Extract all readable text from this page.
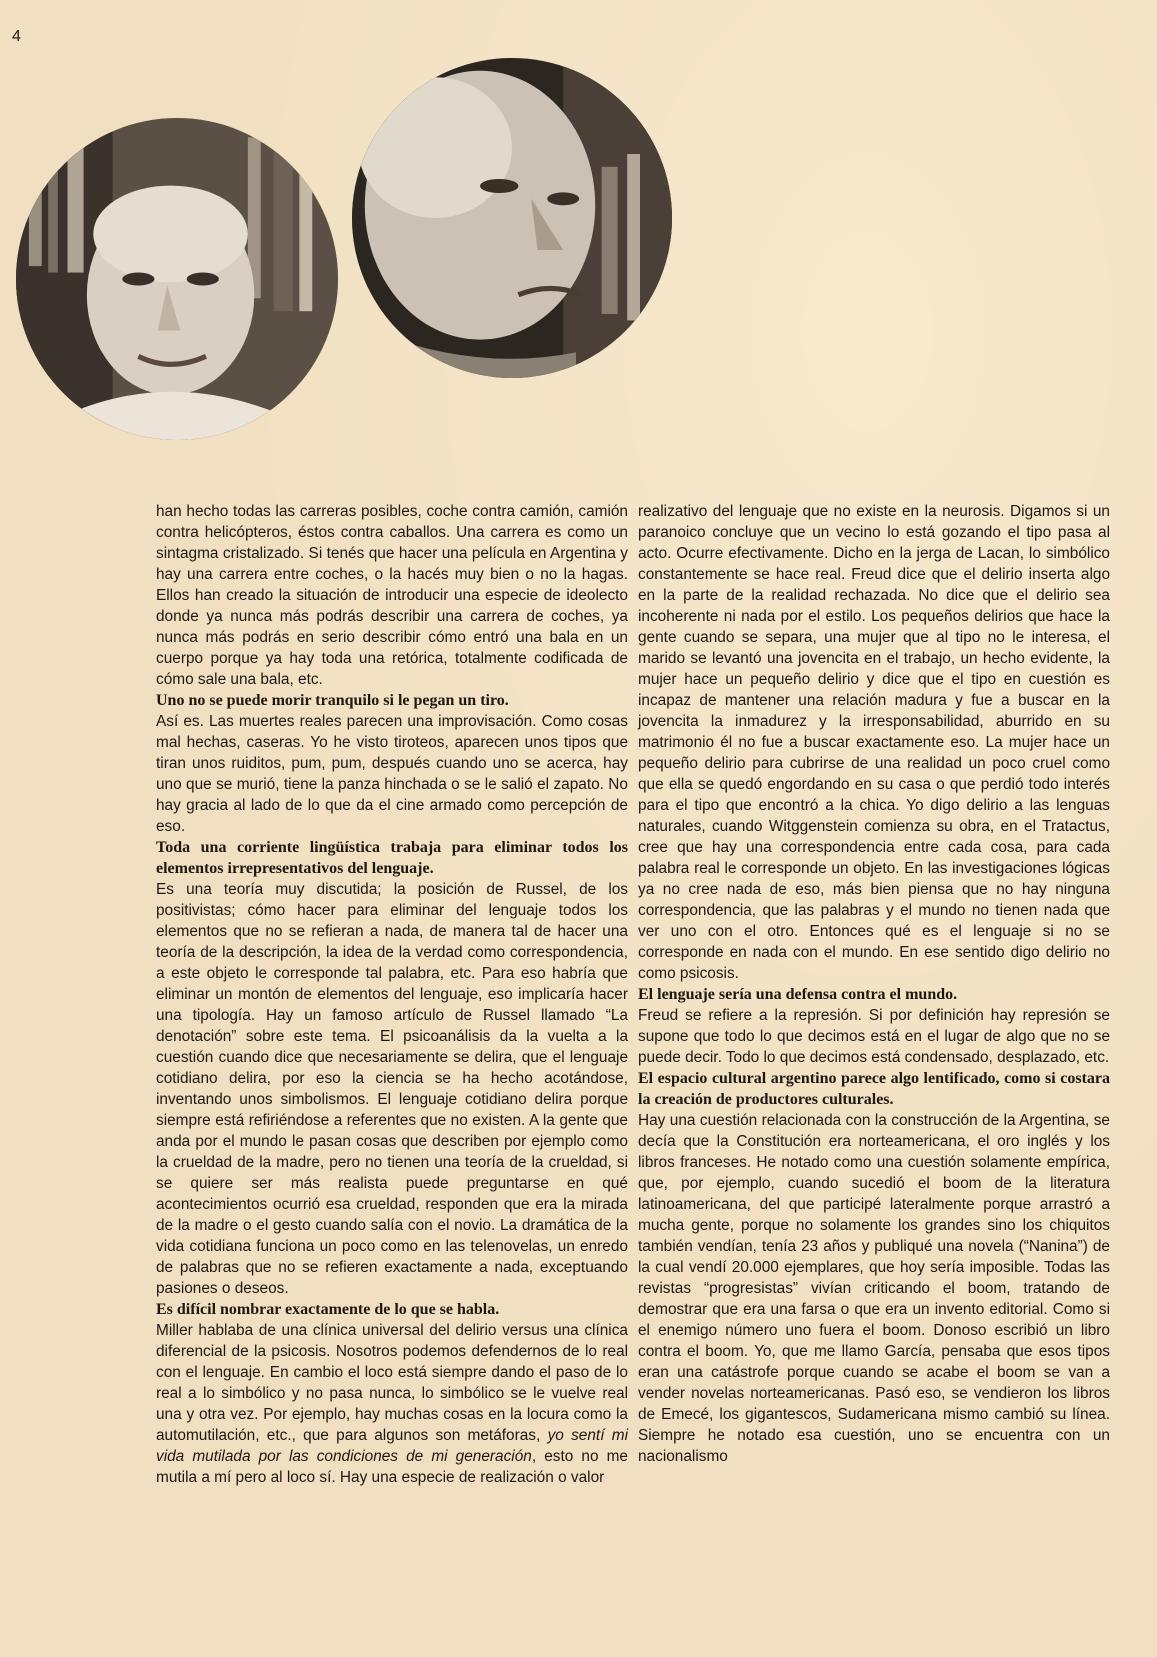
4

han hecho todas las carreras posibles, coche contra camión, camión contra helicópteros, éstos contra caballos. Una carrera es como un sintagma cristalizado. Si tenés que hacer una película en Argentina y hay una carrera entre coches, o la hacés muy bien o no la hagas. Ellos han creado la situación de introducir una especie de ideolecto donde ya nunca más podrás describir una carrera de coches, ya nunca más podrás en serio describir cómo entró una bala en un cuerpo porque ya hay toda una retórica, totalmente codificada de cómo sale una bala, etc.

Uno no se puede morir tranquilo si le pegan un tiro.

Así es. Las muertes reales parecen una improvisación. Como cosas mal hechas, caseras. Yo he visto tiroteos, aparecen unos tipos que tiran unos ruiditos, pum, pum, después cuando uno se acerca, hay uno que se murió, tiene la panza hinchada o se le salió el zapato. No hay gracia al lado de lo que da el cine armado como percepción de eso.

Toda una corriente lingüística trabaja para eliminar todos los elementos irrepresentativos del lenguaje.

Es una teoría muy discutida; la posición de Russel, de los positivistas; cómo hacer para eliminar del lenguaje todos los elementos que no se refieran a nada, de manera tal de hacer una teoría de la descripción, la idea de la verdad como correspondencia, a este objeto le corresponde tal palabra, etc. Para eso habría que eliminar un montón de elementos del lenguaje, eso implicaría hacer una tipología. Hay un famoso artículo de Russel llamado “La denotación” sobre este tema. El psicoanálisis da la vuelta a la cuestión cuando dice que necesariamente se delira, que el lenguaje cotidiano delira, por eso la ciencia se ha hecho acotándose, inventando unos simbolismos. El lenguaje cotidiano delira porque siempre está refiriéndose a referentes que no existen. A la gente que anda por el mundo le pasan cosas que describen por ejemplo como la crueldad de la madre, pero no tienen una teoría de la crueldad, si se quiere ser más realista puede preguntarse en qué acontecimientos ocurrió esa crueldad, responden que era la mirada de la madre o el gesto cuando salía con el novio. La dramática de la vida cotidiana funciona un poco como en las telenovelas, un enredo de palabras que no se refieren exactamente a nada, exceptuando pasiones o deseos.

Es difícil nombrar exactamente de lo que se habla.

Miller hablaba de una clínica universal del delirio versus una clínica diferencial de la psicosis. Nosotros podemos defendernos de lo real con el lenguaje. En cambio el loco está siempre dando el paso de lo real a lo simbólico y no pasa nunca, lo simbólico se le vuelve real una y otra vez. Por ejemplo, hay muchas cosas en la locura como la automutilación, etc., que para algunos son metáforas, yo sentí mi vida mutilada por las condiciones de mi generación, esto no me mutila a mí pero al loco sí. Hay una especie de realización o valor

realizativo del lenguaje que no existe en la neurosis. Digamos si un paranoico concluye que un vecino lo está gozando el tipo pasa al acto. Ocurre efectivamente. Dicho en la jerga de Lacan, lo simbólico constantemente se hace real. Freud dice que el delirio inserta algo en la parte de la realidad rechazada. No dice que el delirio sea incoherente ni nada por el estilo. Los pequeños delirios que hace la gente cuando se separa, una mujer que al tipo no le interesa, el marido se levantó una jovencita en el trabajo, un hecho evidente, la mujer hace un pequeño delirio y dice que el tipo en cuestión es incapaz de mantener una relación madura y fue a buscar en la jovencita la inmadurez y la irresponsabilidad, aburrido en su matrimonio él no fue a buscar exactamente eso. La mujer hace un pequeño delirio para cubrirse de una realidad un poco cruel como que ella se quedó engordando en su casa o que perdió todo interés para el tipo que encontró a la chica. Yo digo delirio a las lenguas naturales, cuando Witggenstein comienza su obra, en el Tratactus, cree que hay una correspondencia entre cada cosa, para cada palabra real le corresponde un objeto. En las investigaciones lógicas ya no cree nada de eso, más bien piensa que no hay ninguna correspondencia, que las palabras y el mundo no tienen nada que ver uno con el otro. Entonces qué es el lenguaje si no se corresponde en nada con el mundo. En ese sentido digo delirio no como psicosis.

El lenguaje sería una defensa contra el mundo.

Freud se refiere a la represión. Si por definición hay represión se supone que todo lo que decimos está en el lugar de algo que no se puede decir. Todo lo que decimos está condensado, desplazado, etc.

El espacio cultural argentino parece algo lentificado, como si costara la creación de productores culturales.

Hay una cuestión relacionada con la construcción de la Argentina, se decía que la Constitución era norteamericana, el oro inglés y los libros franceses. He notado como una cuestión solamente empírica, que, por ejemplo, cuando sucedió el boom de la literatura latinoamericana, del que participé lateralmente porque arrastró a mucha gente, porque no solamente los grandes sino los chiquitos también vendían, tenía 23 años y publiqué una novela (“Nanina”) de la cual vendí 20.000 ejemplares, que hoy sería imposible. Todas las revistas “progresistas” vivían criticando el boom, tratando de demostrar que era una farsa o que era un invento editorial. Como si el enemigo número uno fuera el boom. Donoso escribió un libro contra el boom. Yo, que me llamo García, pensaba que esos tipos eran una catástrofe porque cuando se acabe el boom se van a vender novelas norteamericanas. Pasó eso, se vendieron los libros de Emecé, los gigantescos, Sudamericana mismo cambió su línea. Siempre he notado esa cuestión, uno se encuentra con un nacionalismo
